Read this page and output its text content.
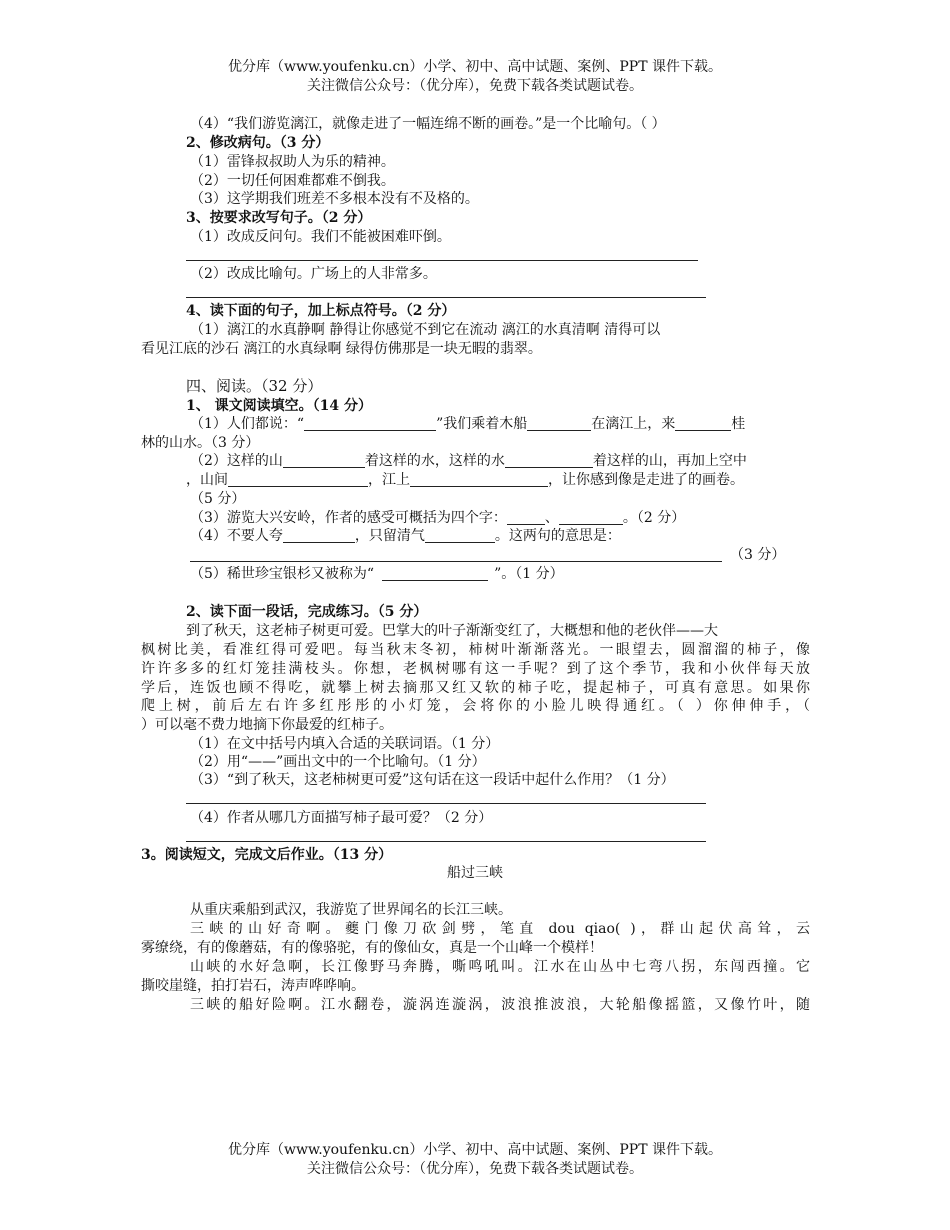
优分库（www.youfenku.cn）小学、初中、高中试题、案例、PPT 课件下载。
关注微信公众号：（优分库），免费下载各类试题试卷。
（4）“我们游览漓江，就像走进了一幅连绵不断的画卷。”是一个比喻句。（ ）
2、修改病句。（3 分）
（1）雷锋叔叔助人为乐的精神。
（2）一切任何困难都难不倒我。
（3）这学期我们班差不多根本没有不及格的。
3、按要求改写句子。（2 分）
（1）改成反问句。我们不能被困难吓倒。
（2）改成比喻句。广场上的人非常多。
4、读下面的句子，加上标点符号。（2 分）
（1）漓江的水真静啊 静得让你感觉不到它在流动 漓江的水真清啊 清得可以
看见江底的沙石 漓江的水真绿啊 绿得仿佛那是一块无暇的翡翠。
四、阅读。（32 分）
1、 课文阅读填空。（14 分）
（1）人们都说：“	”我们乘着木船	在漓江上，来	桂
林的山水。（3 分）
（2）这样的山	着这样的水，这样的水	着这样的山，再加上空中
，山间	，江上	，让你感到像是走进了的画卷。
（5 分）
（3）游览大兴安岭，作者的感受可概括为四个字：	、	。（2 分）
（4）不要人夸	，只留清气	。这两句的意思是：
（3 分）
（5）稀世珍宝银杉又被称为“	”。（1 分）
2、读下面一段话，完成练习。（5 分）
到了秋天，这老柿子树更可爱。巴掌大的叶子渐渐变红了，大概想和他的老伙伴——大
枫树比美，看准红得可爱吧。每当秋末冬初，柿树叶渐渐落光。一眼望去，圆溜溜的柿子，像
许许多多的红灯笼挂满枝头。你想，老枫树哪有这一手呢？到了这个季节，我和小伙伴每天放
学后，连饭也顾不得吃，就攀上树去摘那又红又软的柿子吃，提起柿子，可真有意思。如果你
爬上树，前后左右许多红彤彤的小灯笼，会将你的小脸儿映得通红。（ ）你伸伸手，（
）可以毫不费力地摘下你最爱的红柿子。
（1）在文中括号内填入合适的关联词语。（1 分）
（2）用“——”画出文中的一个比喻句。（1 分）
（3）“到了秋天，这老柿树更可爱”这句话在这一段话中起什么作用？（1 分）
（4）作者从哪几方面描写柿子最可爱？（2 分）
3。阅读短文，完成文后作业。（13 分）
船过三峡
从重庆乘船到武汉，我游览了世界闻名的长江三峡。
三峡的山好奇啊。夔门像刀砍剑劈，笔直 dou qiao( )，群山起伏高耸，云
雾缭绕，有的像蘑菇，有的像骆驼，有的像仙女，真是一个山峰一个模样！
山峡的水好急啊，长江像野马奔腾，嘶鸣吼叫。江水在山丛中七弯八拐，东闯西撞。它
撕咬崖缝，拍打岩石，涛声哗哗响。
三峡的船好险啊。江水翻卷，漩涡连漩涡，波浪推波浪，大轮船像摇篮，又像竹叶，随
优分库（www.youfenku.cn）小学、初中、高中试题、案例、PPT 课件下载。
关注微信公众号：（优分库），免费下载各类试题试卷。
